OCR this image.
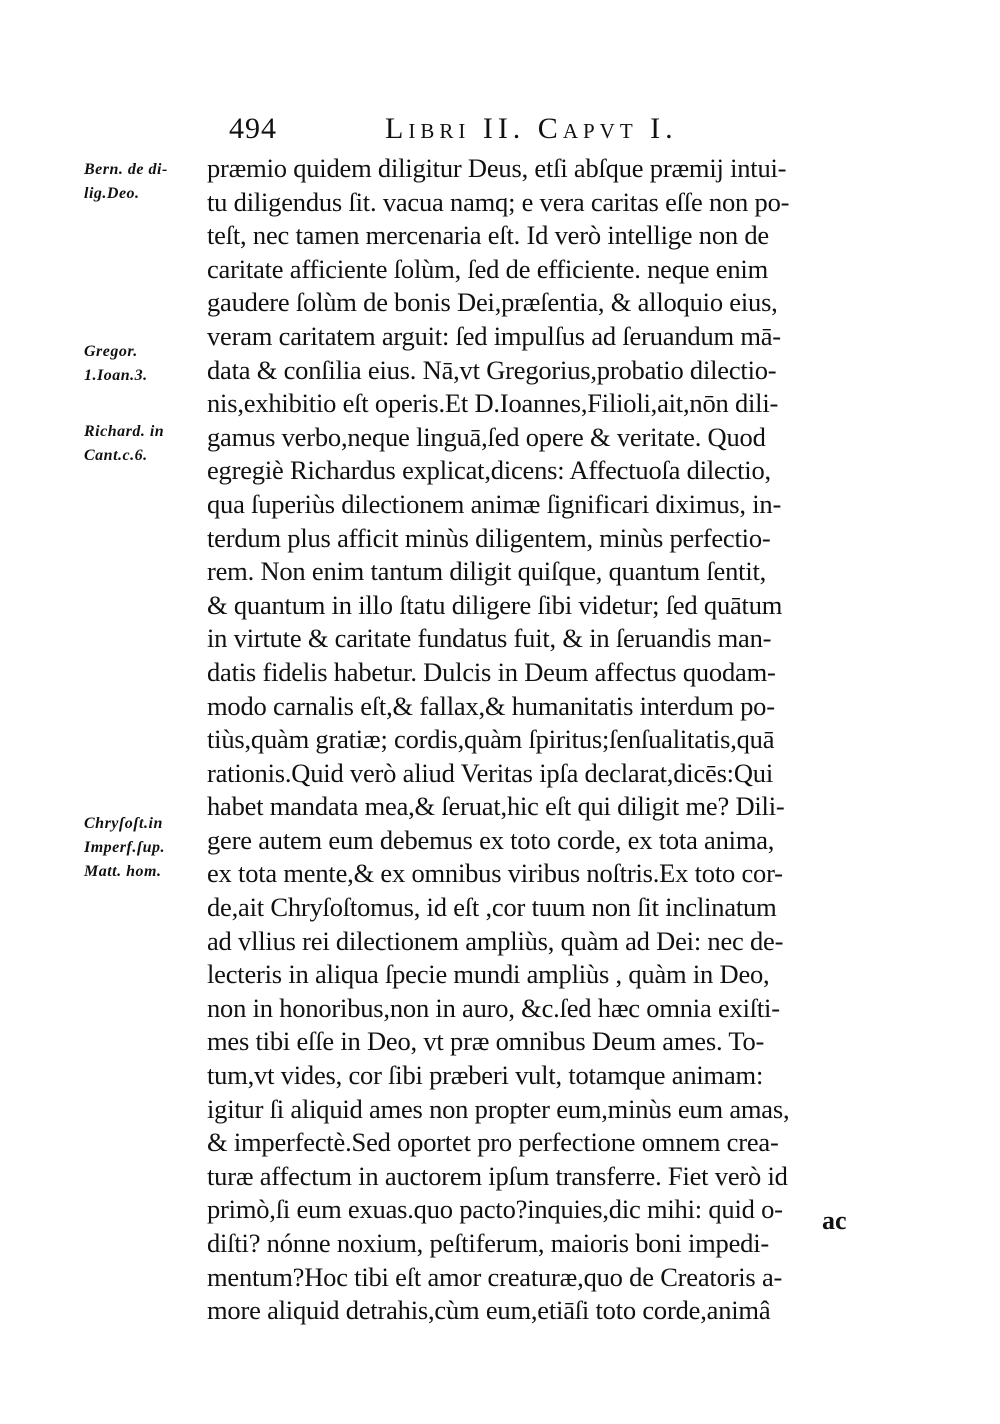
494	Libri II. Capvt I.
Bern. de di-
lig.Deo.
Gregor.
1.Ioan.3.
Richard. in
Cant.c.6.
Chryſoſt.in
Imperf.ſup.
Matt. hom.
præmio quidem diligitur Deus, etſi abſque præmij intui-
tu diligendus ſit. vacua namq; e vera caritas eſſe non po-
teſt, nec tamen mercenaria eſt. Id verò intellige non de
caritate afficiente ſolùm, ſed de efficiente. neque enim
gaudere ſolùm de bonis Dei,præſentia, & alloquio eius,
veram caritatem arguit: ſed impulſus ad ſeruandum mā-
data & conſilia eius. Nā,vt Gregorius,probatio dilectio-
nis,exhibitio eſt operis.Et D.Ioannes,Filioli,ait,nōn dili-
gamus verbo,neque linguā,ſed opere & veritate. Quod
egregiè Richardus explicat,dicens: Affectuoſa dilectio,
qua ſuperiùs dilectionem animæ ſignificari diximus, in-
terdum plus afficit minùs diligentem, minùs perfectio-
rem. Non enim tantum diligit quiſque, quantum ſentit,
& quantum in illo ſtatu diligere ſibi videtur; ſed quātum
in virtute & caritate fundatus fuit, & in ſeruandis man-
datis fidelis habetur. Dulcis in Deum affectus quodam-
modo carnalis eſt,& fallax,& humanitatis interdum po-
tiùs,quàm gratiæ; cordis,quàm ſpiritus;ſenſualitatis,quā
rationis.Quid verò aliud Veritas ipſa declarat,dicēs:Qui
habet mandata mea,& ſeruat,hic eſt qui diligit me? Dili-
gere autem eum debemus ex toto corde, ex tota anima,
ex tota mente,& ex omnibus viribus noſtris.Ex toto cor-
de,ait Chryſoſtomus, id eſt ,cor tuum non ſit inclinatum
ad vllius rei dilectionem ampliùs, quàm ad Dei: nec de-
lecteris in aliqua ſpecie mundi ampliùs , quàm in Deo,
non in honoribus,non in auro, &c.ſed hæc omnia exiſti-
mes tibi eſſe in Deo, vt præ omnibus Deum ames. To-
tum,vt vides, cor ſibi præberi vult, totamque animam:
igitur ſi aliquid ames non propter eum,minùs eum amas,
& imperfectè.Sed oportet pro perfectione omnem crea-
turæ affectum in auctorem ipſum transferre. Fiet verò id
primò,ſi eum exuas.quo pacto?inquies,dic mihi: quid o-
diſti? nónne noxium, peſtiferum, maioris boni impedi-
mentum?Hoc tibi eſt amor creaturæ,quo de Creatoris a-
more aliquid detrahis,cùm eum,etiāſi toto corde,animâ
ac
